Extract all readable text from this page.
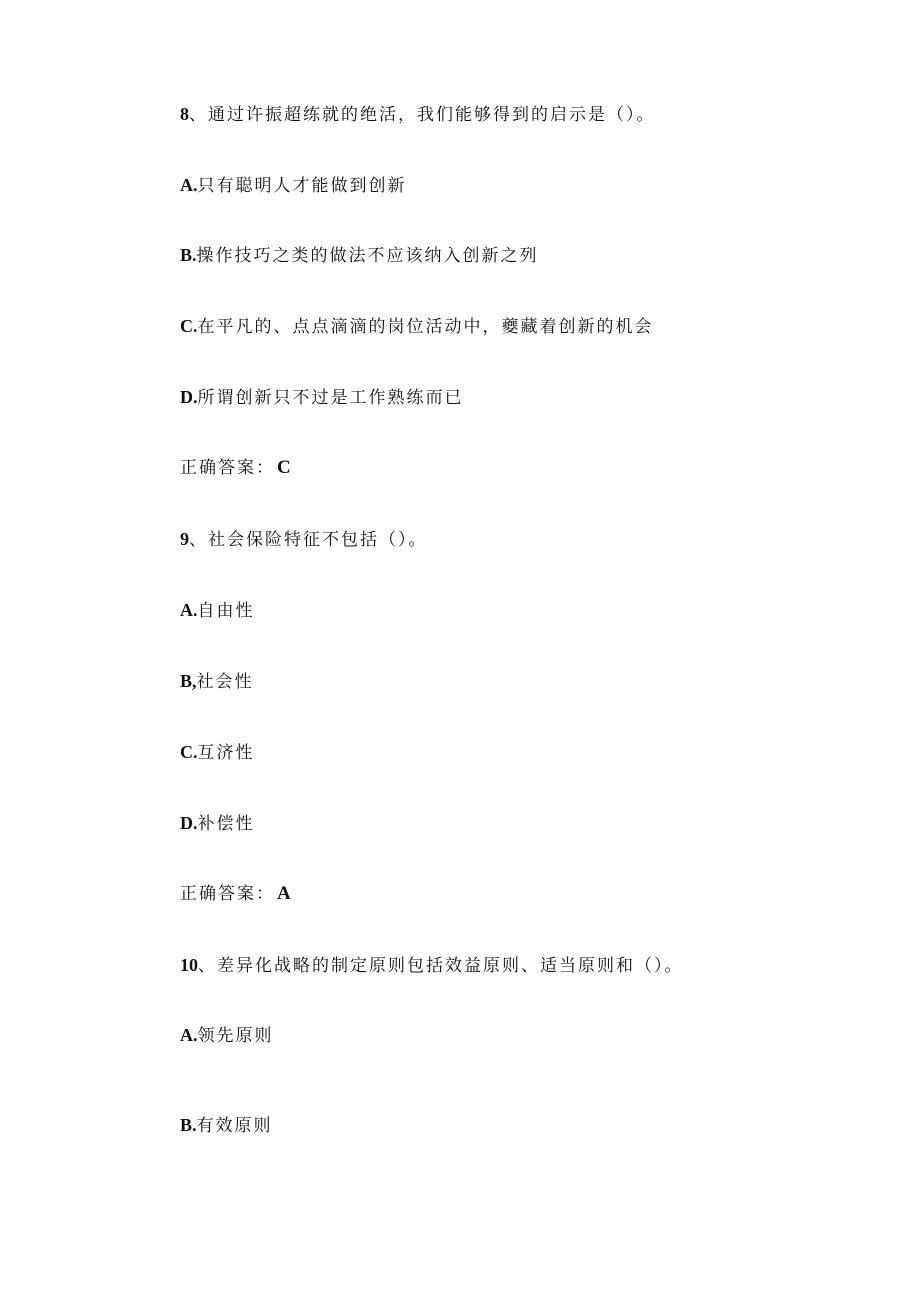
8、通过许振超练就的绝活，我们能够得到的启示是（）。
A.只有聪明人才能做到创新
B.操作技巧之类的做法不应该纳入创新之列
C.在平凡的、点点滴滴的岗位活动中，夔藏着创新的机会
D.所谓创新只不过是工作熟练而已
正确答案： C
9、社会保险特征不包括（）。
A.自由性
B,社会性
C.互济性
D.补偿性
正确答案： A
10、差异化战略的制定原则包括效益原则、适当原则和（）。
A.领先原则
B.有效原则
